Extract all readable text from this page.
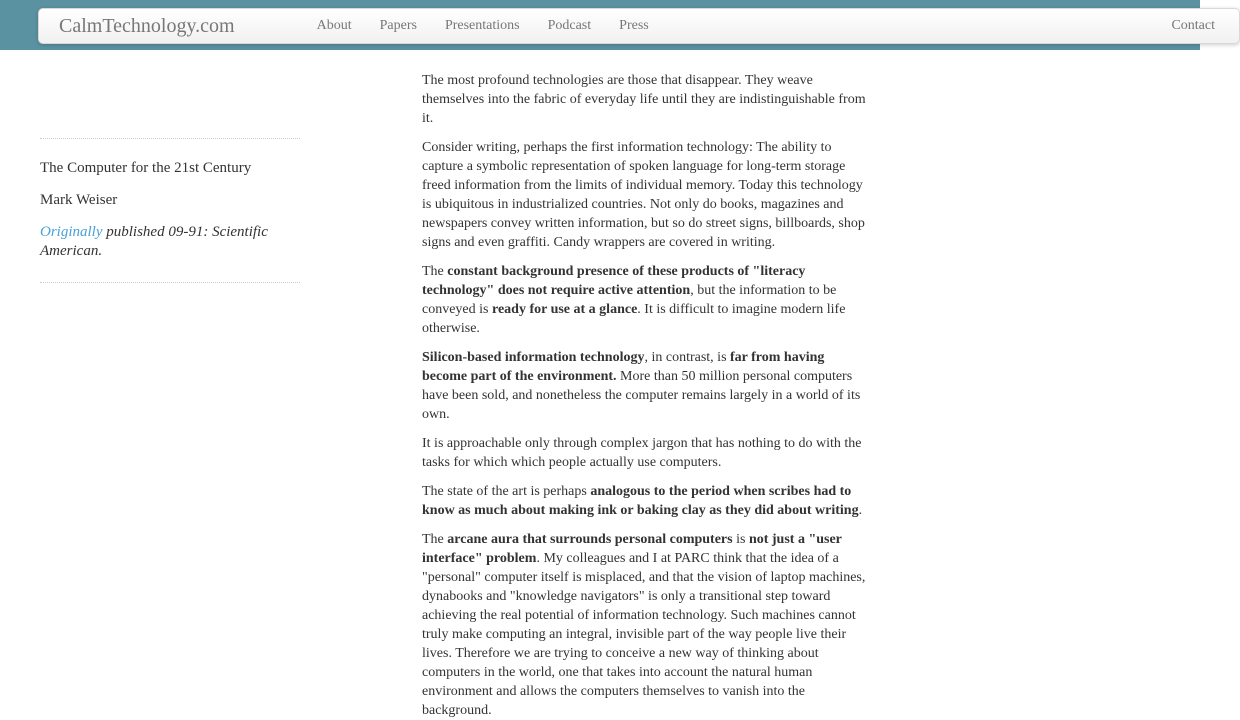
CalmTechnology.com	About	Papers	Presentations	Podcast	Press	Contact

The Computer for the 21st Century

Mark Weiser

Originally published 09-91: Scientific American.

The most profound technologies are those that disappear. They weave themselves into the fabric of everyday life until they are indistinguishable from it.

Consider writing, perhaps the first information technology: The ability to capture a symbolic representation of spoken language for long-term storage freed information from the limits of individual memory. Today this technology is ubiquitous in industrialized countries. Not only do books, magazines and newspapers convey written information, but so do street signs, billboards, shop signs and even graffiti. Candy wrappers are covered in writing.

The constant background presence of these products of "literacy technology" does not require active attention, but the information to be conveyed is ready for use at a glance. It is difficult to imagine modern life otherwise.

Silicon-based information technology, in contrast, is far from having become part of the environment. More than 50 million personal computers have been sold, and nonetheless the computer remains largely in a world of its own.

It is approachable only through complex jargon that has nothing to do with the tasks for which which people actually use computers.

The state of the art is perhaps analogous to the period when scribes had to know as much about making ink or baking clay as they did about writing.

The arcane aura that surrounds personal computers is not just a "user interface" problem. My colleagues and I at PARC think that the idea of a "personal" computer itself is misplaced, and that the vision of laptop machines, dynabooks and "knowledge navigators" is only a transitional step toward achieving the real potential of information technology. Such machines cannot truly make computing an integral, invisible part of the way people live their lives. Therefore we are trying to conceive a new way of thinking about computers in the world, one that takes into account the natural human environment and allows the computers themselves to vanish into the background.
